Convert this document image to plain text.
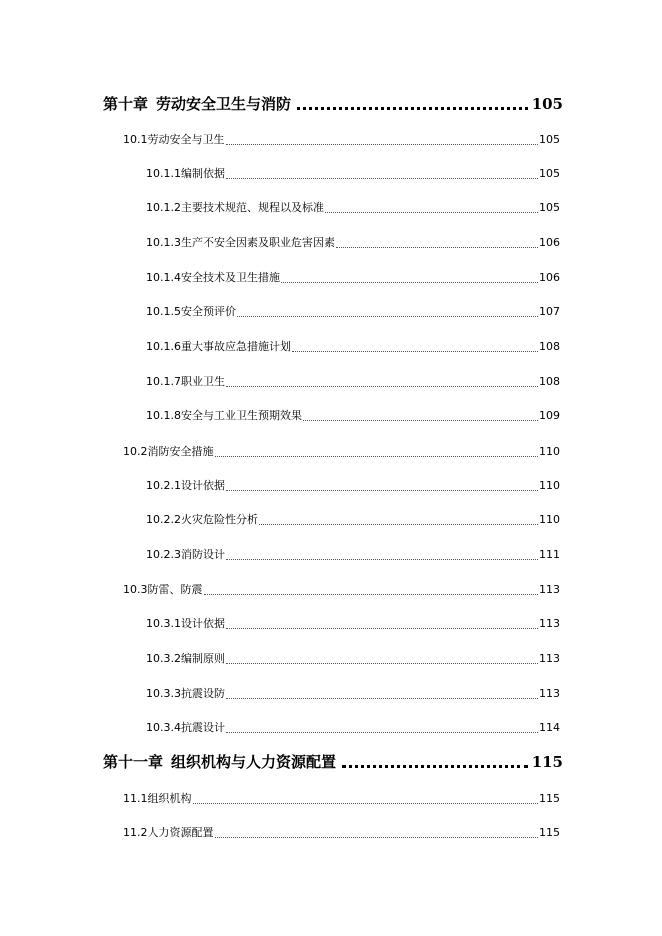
第十章 劳动安全卫生与消防	105
10.1 劳动安全与卫生	105
10.1.1 编制依据	105
10.1.2 主要技术规范、规程以及标准	105
10.1.3 生产不安全因素及职业危害因素	106
10.1.4 安全技术及卫生措施	106
10.1.5 安全预评价	107
10.1.6 重大事故应急措施计划	108
10.1.7 职业卫生	108
10.1.8 安全与工业卫生预期效果	109
10.2 消防安全措施	110
10.2.1 设计依据	110
10.2.2 火灾危险性分析	110
10.2.3 消防设计	111
10.3 防雷、防震	113
10.3.1 设计依据	113
10.3.2 编制原则	113
10.3.3 抗震设防	113
10.3.4 抗震设计	114
第十一章 组织机构与人力资源配置	115
11.1 组织机构	115
11.2 人力资源配置	115
